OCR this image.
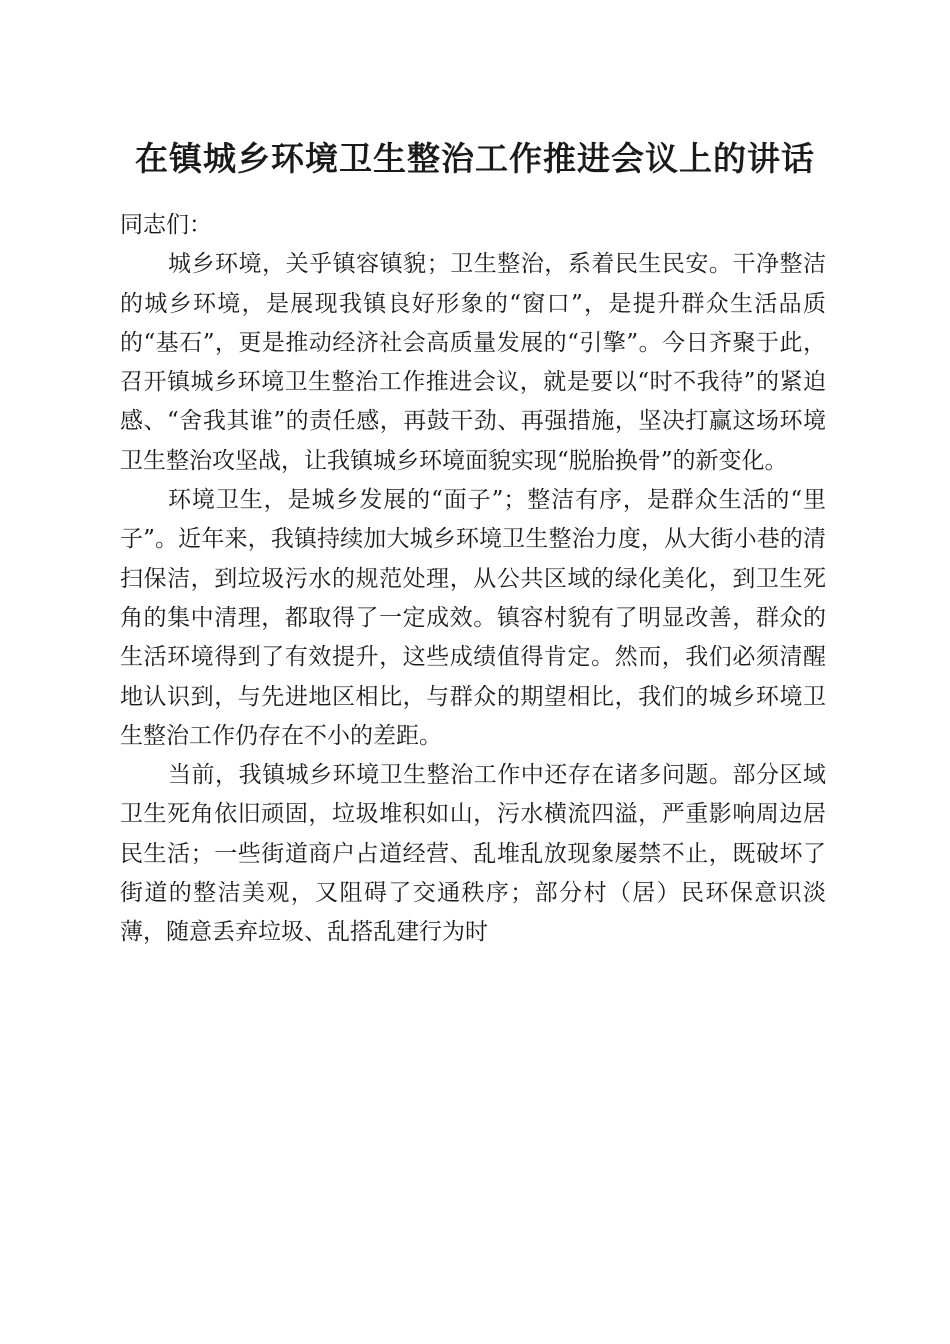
在镇城乡环境卫生整治工作推进会议上的讲话

同志们：

城乡环境，关乎镇容镇貌；卫生整治，系着民生民安。干净整洁的城乡环境，是展现我镇良好形象的“窗口”，是提升群众生活品质的“基石”，更是推动经济社会高质量发展的“引擎”。今日齐聚于此，召开镇城乡环境卫生整治工作推进会议，就是要以“时不我待”的紧迫感、“舍我其谁”的责任感，再鼓干劲、再强措施，坚决打赢这场环境卫生整治攻坚战，让我镇城乡环境面貌实现“脱胎换骨”的新变化。

环境卫生，是城乡发展的“面子”；整洁有序，是群众生活的“里子”。近年来，我镇持续加大城乡环境卫生整治力度，从大街小巷的清扫保洁，到垃圾污水的规范处理，从公共区域的绿化美化，到卫生死角的集中清理，都取得了一定成效。镇容村貌有了明显改善，群众的生活环境得到了有效提升，这些成绩值得肯定。然而，我们必须清醒地认识到，与先进地区相比，与群众的期望相比，我们的城乡环境卫生整治工作仍存在不小的差距。

当前，我镇城乡环境卫生整治工作中还存在诸多问题。部分区域卫生死角依旧顽固，垃圾堆积如山，污水横流四溢，严重影响周边居民生活；一些街道商户占道经营、乱堆乱放现象屡禁不止，既破坏了街道的整洁美观，又阻碍了交通秩序；部分村（居）民环保意识淡薄，随意丢弃垃圾、乱搭乱建行为时
